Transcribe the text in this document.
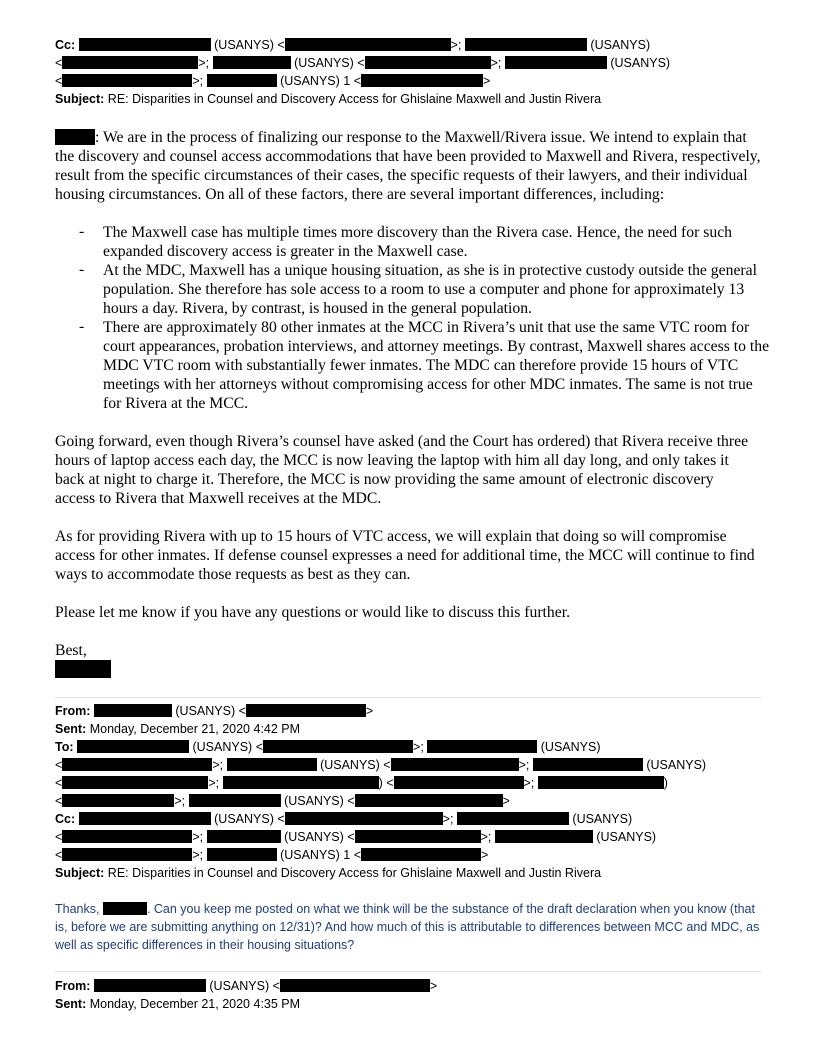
Cc:	(USANYS) <	>;	(USANYS)
<	>;	(USANYS) <	>;	(USANYS)
<	>;	(USANYS) 1 <	>
Subject: RE: Disparities in Counsel and Discovery Access for Ghislaine Maxwell and Justin Rivera
: We are in the process of finalizing our response to the Maxwell/Rivera issue. We intend to explain that the discovery and counsel access accommodations that have been provided to Maxwell and Rivera, respectively, result from the specific circumstances of their cases, the specific requests of their lawyers, and their individual housing circumstances. On all of these factors, there are several important differences, including:
-	The Maxwell case has multiple times more discovery than the Rivera case. Hence, the need for such expanded discovery access is greater in the Maxwell case.
-	At the MDC, Maxwell has a unique housing situation, as she is in protective custody outside the general population. She therefore has sole access to a room to use a computer and phone for approximately 13 hours a day. Rivera, by contrast, is housed in the general population.
-	There are approximately 80 other inmates at the MCC in Rivera’s unit that use the same VTC room for court appearances, probation interviews, and attorney meetings. By contrast, Maxwell shares access to the MDC VTC room with substantially fewer inmates. The MDC can therefore provide 15 hours of VTC meetings with her attorneys without compromising access for other MDC inmates. The same is not true for Rivera at the MCC.
Going forward, even though Rivera’s counsel have asked (and the Court has ordered) that Rivera receive three hours of laptop access each day, the MCC is now leaving the laptop with him all day long, and only takes it back at night to charge it. Therefore, the MCC is now providing the same amount of electronic discovery access to Rivera that Maxwell receives at the MDC.
As for providing Rivera with up to 15 hours of VTC access, we will explain that doing so will compromise access for other inmates. If defense counsel expresses a need for additional time, the MCC will continue to find ways to accommodate those requests as best as they can.
Please let me know if you have any questions or would like to discuss this further.
Best,
From:	(USANYS) <	>
Sent: Monday, December 21, 2020 4:42 PM
To:	(USANYS) <	>;	(USANYS)
<	>;	(USANYS) <	>;	(USANYS)
<	>;	) <	>;	)
<	>;	(USANYS) <	>
Cc:	(USANYS) <	>;	(USANYS)
<	>;	(USANYS) <	>;	(USANYS)
<	>;	(USANYS) 1 <	>
Subject: RE: Disparities in Counsel and Discovery Access for Ghislaine Maxwell and Justin Rivera
Thanks,	. Can you keep me posted on what we think will be the substance of the draft declaration when you know (that is, before we are submitting anything on 12/31)? And how much of this is attributable to differences between MCC and MDC, as well as specific differences in their housing situations?
From:	(USANYS) <	>
Sent: Monday, December 21, 2020 4:35 PM
